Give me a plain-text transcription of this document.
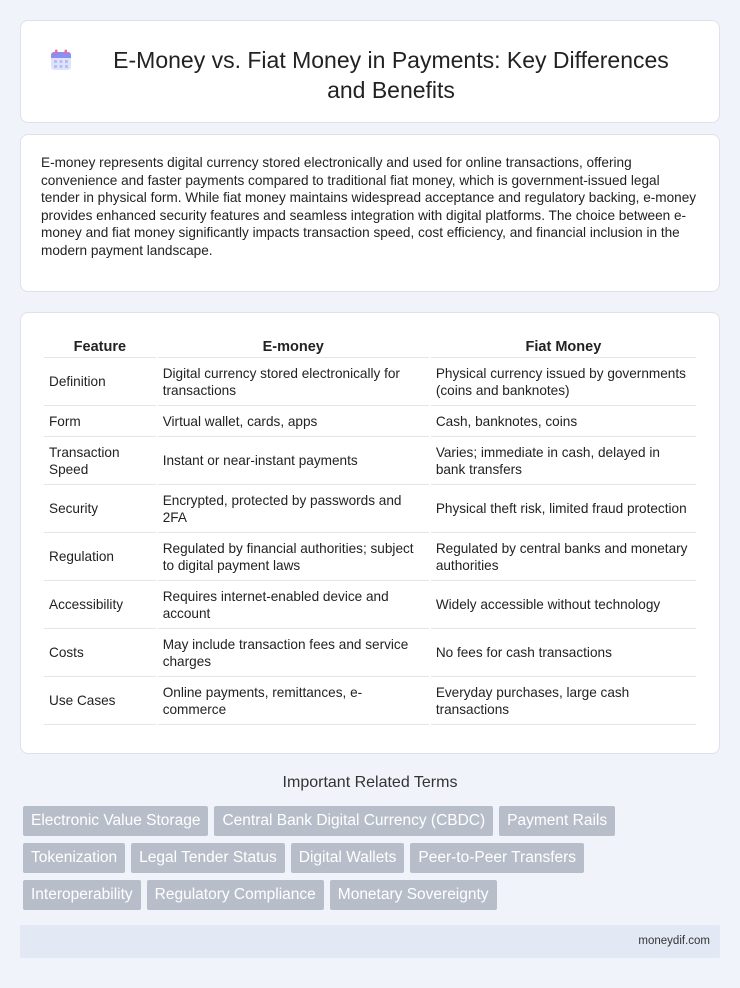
E-Money vs. Fiat Money in Payments: Key Differences and Benefits

E-money represents digital currency stored electronically and used for online transactions, offering convenience and faster payments compared to traditional fiat money, which is government-issued legal tender in physical form. While fiat money maintains widespread acceptance and regulatory backing, e-money provides enhanced security features and seamless integration with digital platforms. The choice between e-money and fiat money significantly impacts transaction speed, cost efficiency, and financial inclusion in the modern payment landscape.

Feature	E-money	Fiat Money
Definition	Digital currency stored electronically for transactions	Physical currency issued by governments (coins and banknotes)
Form	Virtual wallet, cards, apps	Cash, banknotes, coins
Transaction Speed	Instant or near-instant payments	Varies; immediate in cash, delayed in bank transfers
Security	Encrypted, protected by passwords and 2FA	Physical theft risk, limited fraud protection
Regulation	Regulated by financial authorities; subject to digital payment laws	Regulated by central banks and monetary authorities
Accessibility	Requires internet-enabled device and account	Widely accessible without technology
Costs	May include transaction fees and service charges	No fees for cash transactions
Use Cases	Online payments, remittances, e-commerce	Everyday purchases, large cash transactions
Important Related Terms
Electronic Value Storage	Central Bank Digital Currency (CBDC)	Payment Rails
Tokenization	Legal Tender Status	Digital Wallets	Peer-to-Peer Transfers
Interoperability	Regulatory Compliance	Monetary Sovereignty
moneydif.com
